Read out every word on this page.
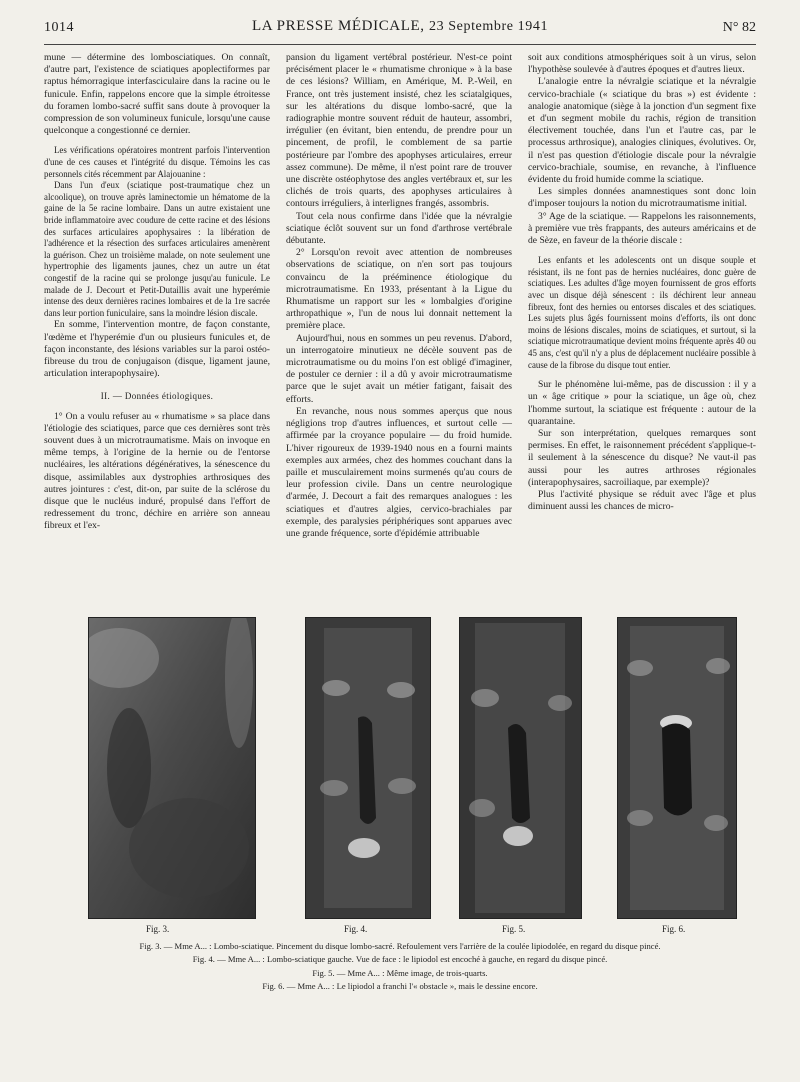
1014	LA PRESSE MÉDICALE, 23 Septembre 1941	N° 82

mune — détermine des lombosciatiques. On connaît, d'autre part, l'existence de sciatiques apoplectiformes par raptus hémorragique interfasciculaire dans la racine ou le funicule. Enfin, rappelons encore que la simple étroitesse du foramen lombo-sacré suffit sans doute à provoquer la compression de son volumineux funicule, lorsqu'une cause quelconque a congestionné ce dernier.

Les vérifications opératoires montrent parfois l'intervention d'une de ces causes et l'intégrité du disque. Témoins les cas personnels cités récemment par Alajouanine :

Dans l'un d'eux (sciatique post-traumatique chez un alcoolique), on trouve après laminectomie un hématome de la gaine de la 5e racine lombaire. Dans un autre existaient une bride inflammatoire avec coudure de cette racine et des lésions des surfaces articulaires apophysaires : la libération de l'adhérence et la résection des surfaces articulaires amenèrent la guérison. Chez un troisième malade, on note seulement une hypertrophie des ligaments jaunes, chez un autre un état congestif de la racine qui se prolonge jusqu'au funicule. Le malade de J. Decourt et Petit-Dutaillis avait une hyperémie intense des deux dernières racines lombaires et de la 1re sacrée dans leur portion funiculaire, sans la moindre lésion discale.

En somme, l'intervention montre, de façon constante, l'œdème et l'hyperémie d'un ou plusieurs funicules et, de façon inconstante, des lésions variables sur la paroi ostéo-fibreuse du trou de conjugaison (disque, ligament jaune, articulation interapophysaire).

II. — Données étiologiques.

1° On a voulu refuser au « rhumatisme » sa place dans l'étiologie des sciatiques, parce que ces dernières sont très souvent dues à un microtraumatisme. Mais on invoque en même temps, à l'origine de la hernie ou de l'entorse nucléaires, les altérations dégénératives, la sénescence du disque, assimilables aux dystrophies arthrosiques des autres jointures : c'est, dit-on, par suite de la sclérose du disque que le nucléus induré, propulsé dans l'effort de redressement du tronc, déchire en arrière son anneau fibreux et l'ex-

pansion du ligament vertébral postérieur. N'est-ce point précisément placer le « rhumatisme chronique » à la base de ces lésions? William, en Amérique, M. P.-Weil, en France, ont très justement insisté, chez les sciatalgiques, sur les altérations du disque lombo-sacré, que la radiographie montre souvent réduit de hauteur, assombri, irrégulier (en évitant, bien entendu, de prendre pour un pincement, de profil, le comblement de sa partie postérieure par l'ombre des apophyses articulaires, erreur assez commune). De même, il n'est point rare de trouver une discrète ostéophytose des angles vertébraux et, sur les clichés de trois quarts, des apophyses articulaires à contours irréguliers, à interlignes frangés, assombris.

Tout cela nous confirme dans l'idée que la névralgie sciatique éclôt souvent sur un fond d'arthrose vertébrale débutante.

2° Lorsqu'on revoit avec attention de nombreuses observations de sciatique, on n'en sort pas toujours convaincu de la prééminence étiologique du microtraumatisme. En 1933, présentant à la Ligue du Rhumatisme un rapport sur les « lombalgies d'origine arthropathique », l'un de nous lui donnait nettement la première place.

Aujourd'hui, nous en sommes un peu revenus. D'abord, un interrogatoire minutieux ne décèle souvent pas de microtraumatisme ou du moins l'on est obligé d'imaginer, de postuler ce dernier : il a dû y avoir microtraumatisme parce que le sujet avait un métier fatigant, faisait des efforts.

En revanche, nous nous sommes aperçus que nous négligions trop d'autres influences, et surtout celle — affirmée par la croyance populaire — du froid humide. L'hiver rigoureux de 1939-1940 nous en a fourni maints exemples aux armées, chez des hommes couchant dans la paille et musculairement moins surmenés qu'au cours de leur profession civile. Dans un centre neurologique d'armée, J. Decourt a fait des remarques analogues : les sciatiques et d'autres algies, cervico-brachiales par exemple, des paralysies périphériques sont apparues avec une grande fréquence, sorte d'épidémie attribuable

soit aux conditions atmosphériques soit à un virus, selon l'hypothèse soulevée à d'autres époques et d'autres lieux.

L'analogie entre la névralgie sciatique et la névralgie cervico-brachiale (« sciatique du bras ») est évidente : analogie anatomique (siège à la jonction d'un segment fixe et d'un segment mobile du rachis, région de transition électivement touchée, dans l'un et l'autre cas, par le processus arthrosique), analogies cliniques, évolutives. Or, il n'est pas question d'étiologie discale pour la névralgie cervico-brachiale, soumise, en revanche, à l'influence évidente du froid humide comme la sciatique.

Les simples données anamnestiques sont donc loin d'imposer toujours la notion du microtraumatisme initial.

3° Age de la sciatique. — Rappelons les raisonnements, à première vue très frappants, des auteurs américains et de de Sèze, en faveur de la théorie discale :

Les enfants et les adolescents ont un disque souple et résistant, ils ne font pas de hernies nucléaires, donc guère de sciatiques. Les adultes d'âge moyen fournissent de gros efforts avec un disque déjà sénescent : ils déchirent leur anneau fibreux, font des hernies ou entorses discales et des sciatiques. Les sujets plus âgés fournissent moins d'efforts, ils ont donc moins de lésions discales, moins de sciatiques, et surtout, si la sciatique microtraumatique devient moins fréquente après 40 ou 45 ans, c'est qu'il n'y a plus de déplacement nucléaire possible à cause de la fibrose du disque tout entier.

Sur le phénomène lui-même, pas de discussion : il y a un « âge critique » pour la sciatique, un âge où, chez l'homme surtout, la sciatique est fréquente : autour de la quarantaine.

Sur son interprétation, quelques remarques sont permises. En effet, le raisonnement précédent s'applique-t-il seulement à la sénescence du disque? Ne vaut-il pas aussi pour les autres arthroses régionales (interapophysaires, sacroiliaque, par exemple)?

Plus l'activité physique se réduit avec l'âge et plus diminuent aussi les chances de micro-

Fig. 3.	Fig. 4.	Fig. 5.	Fig. 6.
Fig. 3. — Mme A... : Lombo-sciatique. Pincement du disque lombo-sacré. Refoulement vers l'arrière de la coulée lipiodolée, en regard du disque pincé.
Fig. 4. — Mme A... : Lombo-sciatique gauche. Vue de face : le lipiodol est encoché à gauche, en regard du disque pincé.
Fig. 5. — Mme A... : Même image, de trois-quarts.
Fig. 6. — Mme A... : Le lipiodol a franchi l'« obstacle », mais le dessine encore.
